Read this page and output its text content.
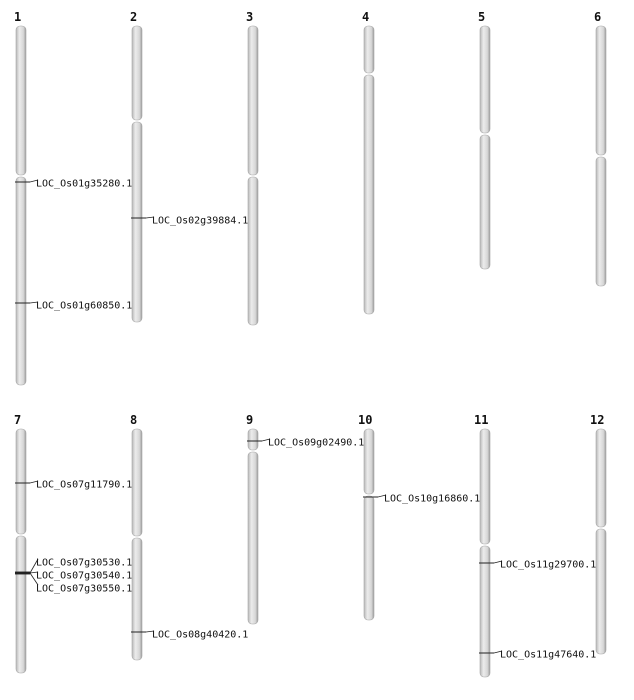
1
LOC_Os01g35280.1
LOC_Os01g60850.1
2
LOC_Os02g39884.1
3	4	5	6
7
LOC_Os07g11790.1
LOC_Os07g30530.1
LOC_Os07g30540.1
LOC_Os07g30550.1
8
LOC_Os08g40420.1
9
LOC_Os09g02490.1
10
LOC_Os10g16860.1
11
LOC_Os11g29700.1
LOC_Os11g47640.1
12
